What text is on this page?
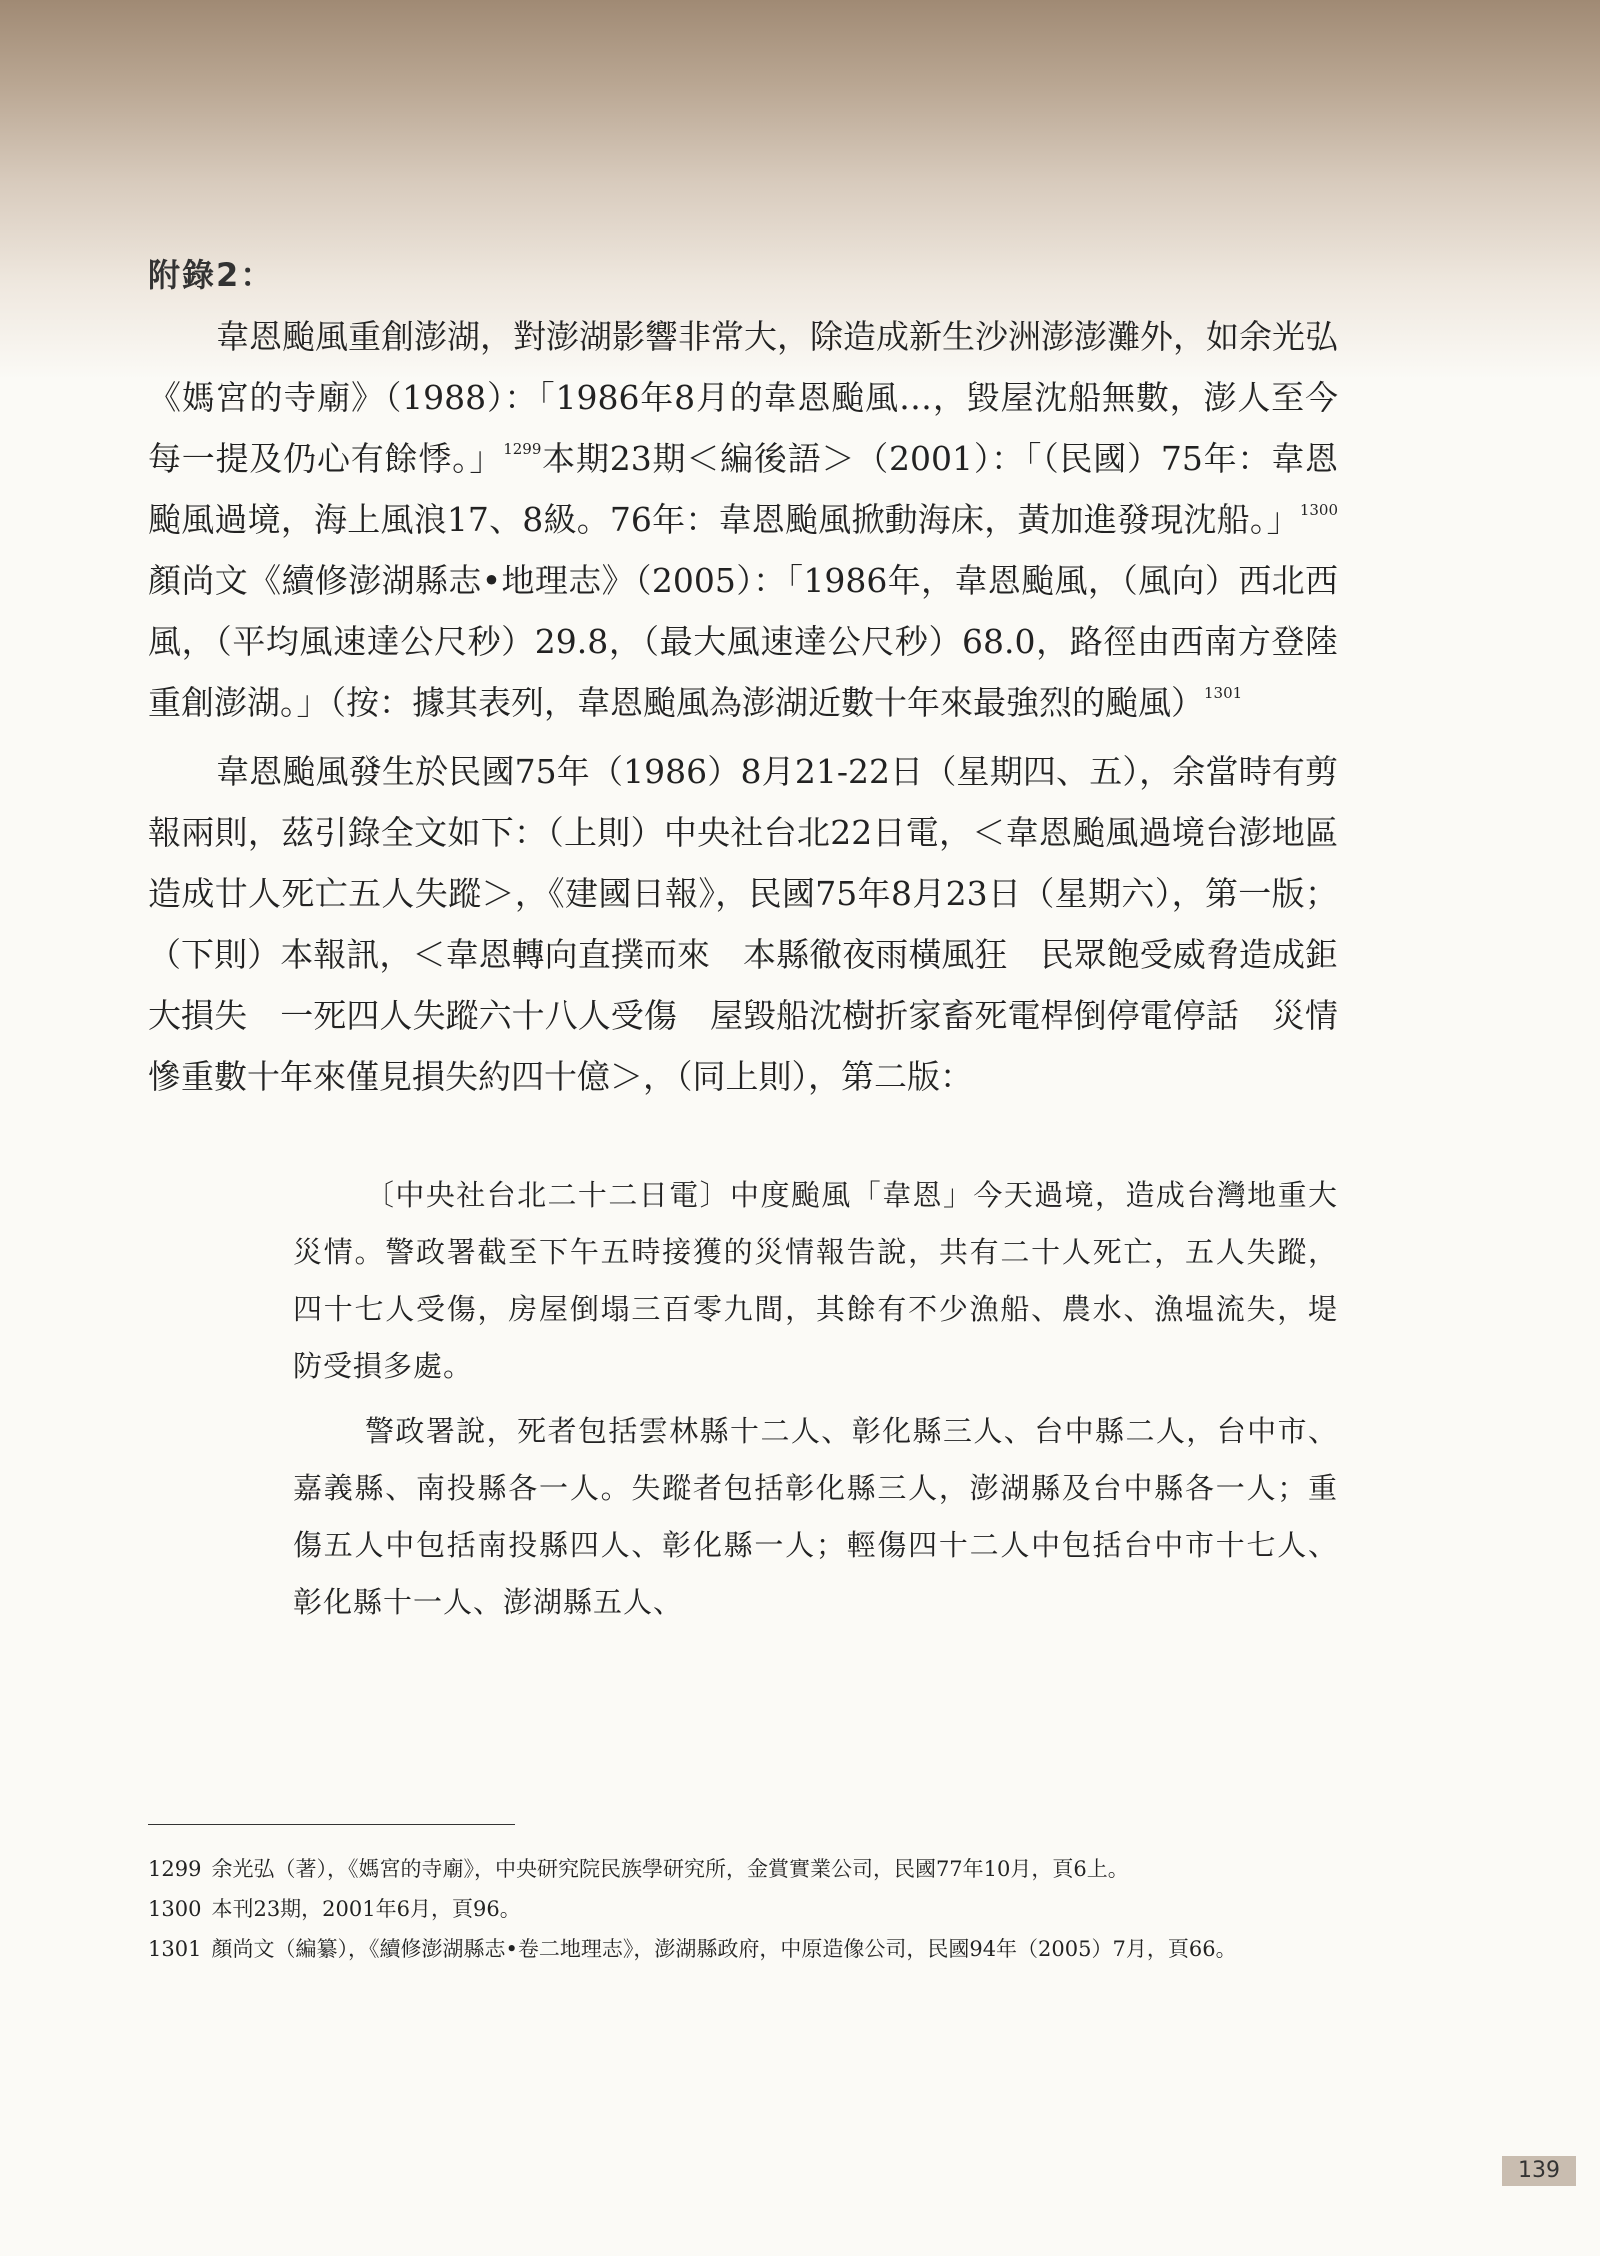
附錄2：

韋恩颱風重創澎湖，對澎湖影響非常大，除造成新生沙洲澎澎灘外，如余光弘《媽宮的寺廟》（1988）：「1986年8月的韋恩颱風…，毀屋沈船無數，澎人至今每一提及仍心有餘悸。」$^{1299}$本期23期＜編後語＞（2001）：「（民國）75年：韋恩颱風過境，海上風浪17、8級。76年：韋恩颱風掀動海床，黃加進發現沈船。」$^{1300}$顏尚文《續修澎湖縣志•地理志》（2005）：「1986年，韋恩颱風，（風向）西北西風，（平均風速達公尺秒）29.8，（最大風速達公尺秒）68.0，路徑由西南方登陸重創澎湖。」（按：據其表列，韋恩颱風為澎湖近數十年來最強烈的颱風）$^{1301}$

韋恩颱風發生於民國75年（1986）8月21-22日（星期四、五），余當時有剪報兩則，茲引錄全文如下：（上則）中央社台北22日電，＜韋恩颱風過境台澎地區　造成廿人死亡五人失蹤＞，《建國日報》，民國75年8月23日（星期六），第一版；（下則）本報訊，＜韋恩轉向直撲而來　本縣徹夜雨橫風狂　民眾飽受威脅造成鉅大損失　一死四人失蹤六十八人受傷　屋毀船沈樹折家畜死電桿倒停電停話　災情慘重數十年來僅見損失約四十億＞，（同上則），第二版：

〔中央社台北二十二日電〕中度颱風「韋恩」今天過境，造成台灣地重大災情。警政署截至下午五時接獲的災情報告說，共有二十人死亡，五人失蹤，四十七人受傷，房屋倒塌三百零九間，其餘有不少漁船、農水、漁塭流失，堤防受損多處。

警政署說，死者包括雲林縣十二人、彰化縣三人、台中縣二人，台中市、嘉義縣、南投縣各一人。失蹤者包括彰化縣三人，澎湖縣及台中縣各一人；重傷五人中包括南投縣四人、彰化縣一人；輕傷四十二人中包括台中市十七人、彰化縣十一人、澎湖縣五人、

1299 余光弘（著），《媽宮的寺廟》，中央研究院民族學研究所，金賞實業公司，民國77年10月，頁6上。
1300 本刊23期，2001年6月，頁96。
1301 顏尚文（編纂），《續修澎湖縣志•卷二地理志》，澎湖縣政府，中原造像公司，民國94年（2005）7月，頁66。
139
